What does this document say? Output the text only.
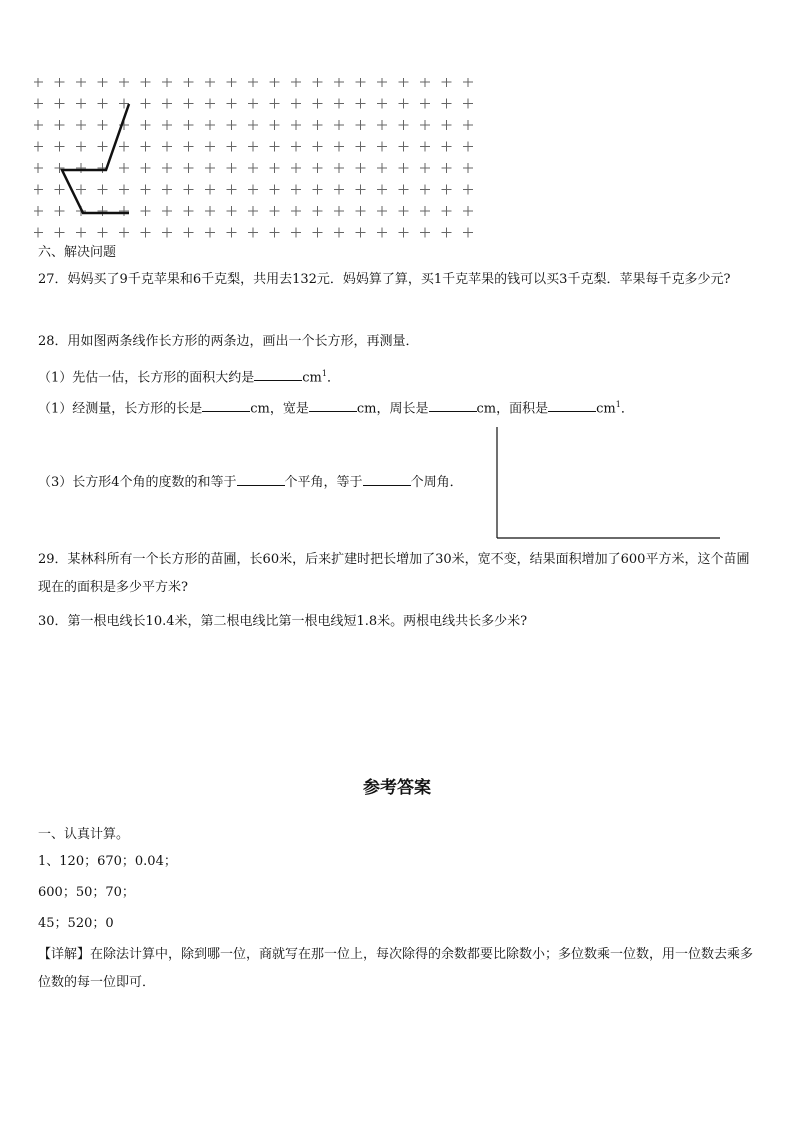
六、解决问题
27．妈妈买了9千克苹果和6千克梨，共用去132元．妈妈算了算，买1千克苹果的钱可以买3千克梨．苹果每千克多少元?
28．用如图两条线作长方形的两条边，画出一个长方形，再测量．
（1）先估一估，长方形的面积大约是	$cm^1$．
（1）经测量，长方形的长是	cm，宽是	cm，周长是	cm，面积是	$cm^1$．
（3）长方形4个角的度数的和等于	个平角，等于	个周角．
29．某林科所有一个长方形的苗圃，长60米，后来扩建时把长增加了30米，宽不变，结果面积增加了600平方米，这个苗圃现在的面积是多少平方米?
30．第一根电线长10.4米，第二根电线比第一根电线短1.8米。两根电线共长多少米?
参考答案
一、认真计算。
1、120；670；0.04；
600；50；70；
45；520；0
【详解】在除法计算中，除到哪一位，商就写在那一位上，每次除得的余数都要比除数小；多位数乘一位数，用一位数去乘多位数的每一位即可．
